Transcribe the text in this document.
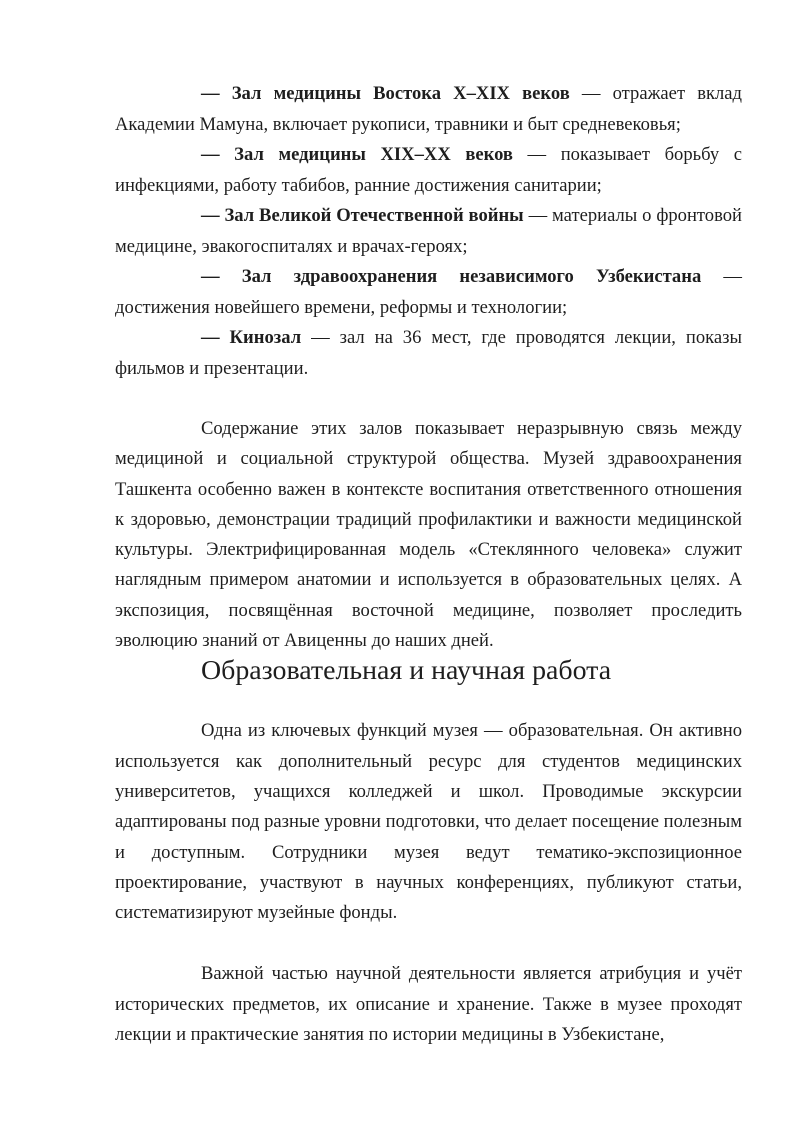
— Зал медицины Востока X–XIX веков — отражает вклад Академии Мамуна, включает рукописи, травники и быт средневековья;

— Зал медицины XIX–XX веков — показывает борьбу с инфекциями, работу табибов, ранние достижения санитарии;

— Зал Великой Отечественной войны — материалы о фронтовой медицине, эвакогоспиталях и врачах-героях;

— Зал здравоохранения независимого Узбекистана — достижения новейшего времени, реформы и технологии;

— Кинозал — зал на 36 мест, где проводятся лекции, показы фильмов и презентации.

Содержание этих залов показывает неразрывную связь между медициной и социальной структурой общества. Музей здравоохранения Ташкента особенно важен в контексте воспитания ответственного отношения к здоровью, демонстрации традиций профилактики и важности медицинской культуры. Электрифицированная модель «Стеклянного человека» служит наглядным примером анатомии и используется в образовательных целях. А экспозиция, посвящённая восточной медицине, позволяет проследить эволюцию знаний от Авиценны до наших дней.

Образовательная и научная работа

Одна из ключевых функций музея — образовательная. Он активно используется как дополнительный ресурс для студентов медицинских университетов, учащихся колледжей и школ. Проводимые экскурсии адаптированы под разные уровни подготовки, что делает посещение полезным и доступным. Сотрудники музея ведут тематико-экспозиционное проектирование, участвуют в научных конференциях, публикуют статьи, систематизируют музейные фонды.

Важной частью научной деятельности является атрибуция и учёт исторических предметов, их описание и хранение. Также в музее проходят лекции и практические занятия по истории медицины в Узбекистане,
